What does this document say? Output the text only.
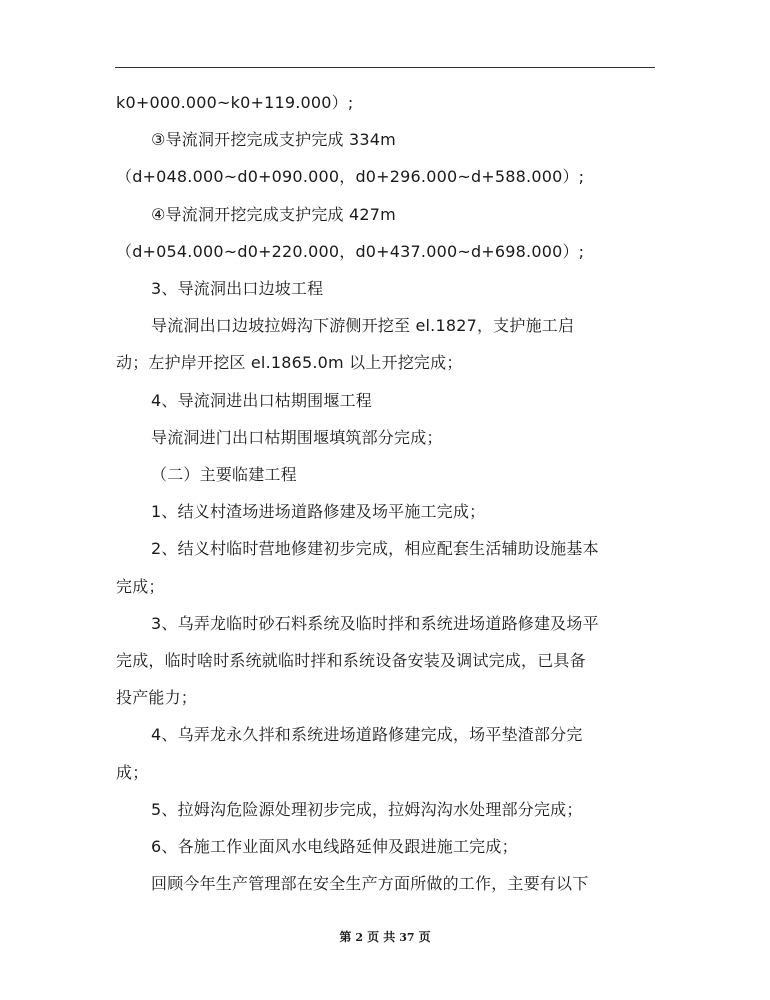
k0+000.000~k0+119.000）;
③导流洞开挖完成支护完成 334m
（d+048.000~d0+090.000，d0+296.000~d+588.000）;
④导流洞开挖完成支护完成 427m
（d+054.000~d0+220.000，d0+437.000~d+698.000）;
3、导流洞出口边坡工程
导流洞出口边坡拉姆沟下游侧开挖至 el.1827，支护施工启
动；左护岸开挖区 el.1865.0m 以上开挖完成；
4、导流洞进出口枯期围堰工程
导流洞进门出口枯期围堰填筑部分完成；
（二）主要临建工程
1、结义村渣场进场道路修建及场平施工完成；
2、结义村临时营地修建初步完成，相应配套生活辅助设施基本
完成；
3、乌弄龙临时砂石料系统及临时拌和系统进场道路修建及场平
完成，临时啥时系统就临时拌和系统设备安装及调试完成，已具备
投产能力；
4、乌弄龙永久拌和系统进场道路修建完成，场平垫渣部分完
成；
5、拉姆沟危险源处理初步完成，拉姆沟沟水处理部分完成；
6、各施工作业面风水电线路延伸及跟进施工完成；
回顾今年生产管理部在安全生产方面所做的工作，主要有以下
第 2 页 共 37 页
